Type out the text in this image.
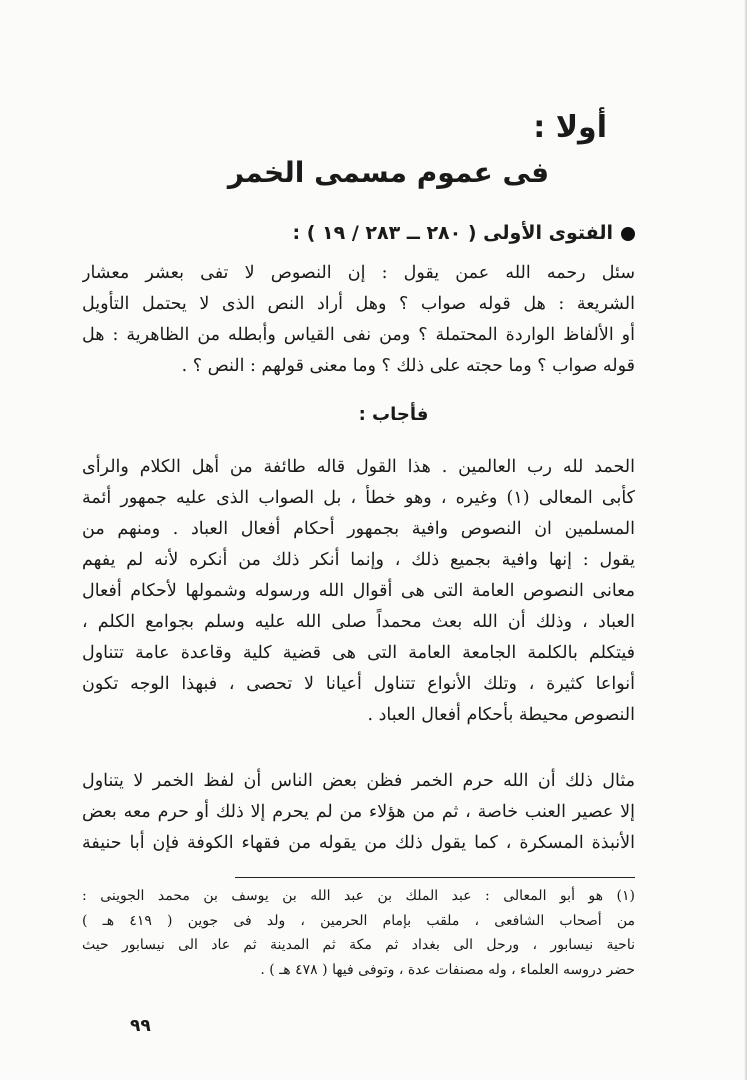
أولا :
فى عموم مسمى الخمر

الفتوى الأولى ( ٢٨٠ ــ ٢٨٣ / ١٩ ) :

سئل رحمه الله عمن يقول : إن النصوص لا تفى بعشر معشار
الشريعة : هل قوله صواب ؟ وهل أراد النص الذى لا يحتمل التأويل
أو الألفاظ الواردة المحتملة ؟ ومن نفى القياس وأبطله من الظاهرية : هل
قوله صواب ؟ وما حجته على ذلك ؟ وما معنى قولهم : النص ؟ .

فأجاب :

الحمد لله رب العالمين . هذا القول قاله طائفة من أهل الكلام والرأى
كأبى المعالى (١) وغيره ، وهو خطأ ، بل الصواب الذى عليه جمهور أئمة
المسلمين ان النصوص وافية بجمهور أحكام أفعال العباد . ومنهم من
يقول : إنها وافية بجميع ذلك ، وإنما أنكر ذلك من أنكره لأنه لم يفهم
معانى النصوص العامة التى هى أقوال الله ورسوله وشمولها لأحكام أفعال
العباد ، وذلك أن الله بعث محمداً صلى الله عليه وسلم بجوامع الكلم ،
فيتكلم بالكلمة الجامعة العامة التى هى قضية كلية وقاعدة عامة تتناول
أنواعا كثيرة ، وتلك الأنواع تتناول أعيانا لا تحصى ، فبهذا الوجه تكون
النصوص محيطة بأحكام أفعال العباد .

مثال ذلك أن الله حرم الخمر فظن بعض الناس أن لفظ الخمر لا يتناول
إلا عصير العنب خاصة ، ثم من هؤلاء من لم يحرم إلا ذلك أو حرم معه بعض
الأنبذة المسكرة ، كما يقول ذلك من يقوله من فقهاء الكوفة فإن أبا حنيفة

(١) هو أبو المعالى : عبد الملك بن عبد الله بن يوسف بن محمد الجوينى :
من أصحاب الشافعى ، ملقب بإمام الحرمين ، ولد فى جوين ( ٤١٩ هـ )
ناحية نيسابور ، ورحل الى بغداد ثم مكة ثم المدينة ثم عاد الى نيسابور حيث
حضر دروسه العلماء ، وله مصنفات عدة ، وتوفى فيها ( ٤٧٨ هـ ) .

٩٩
